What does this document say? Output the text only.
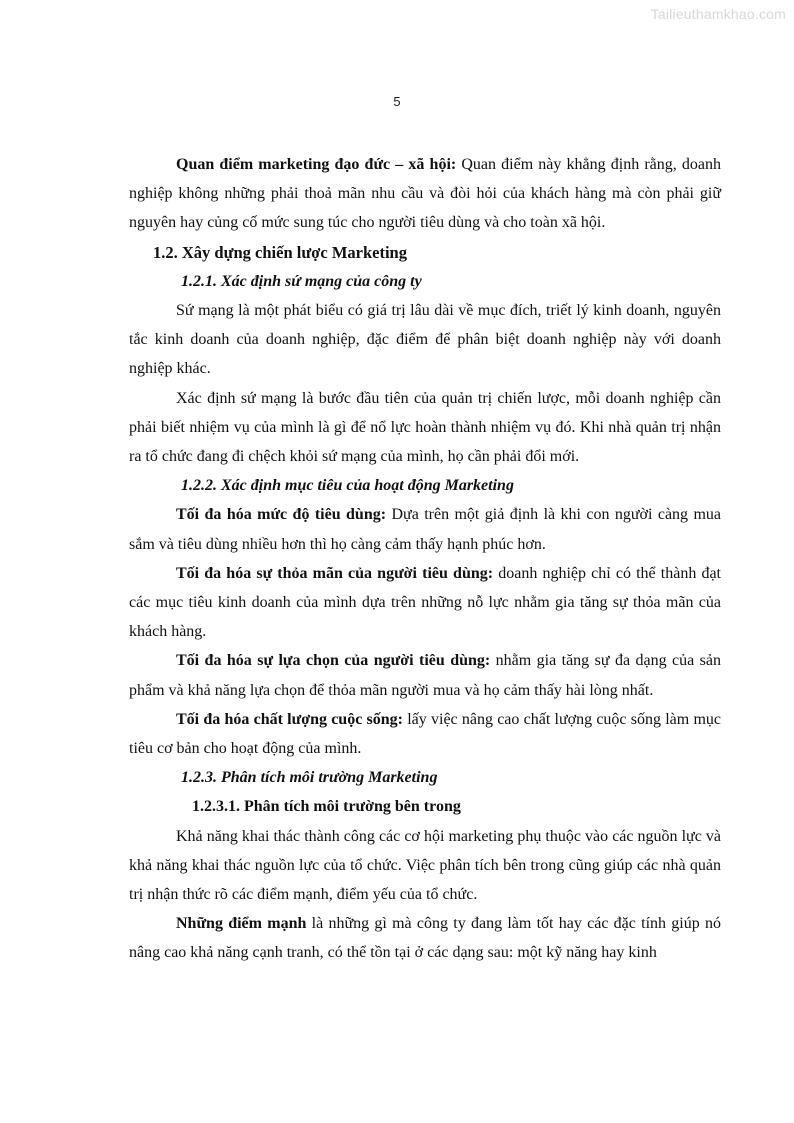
Tailieuthamkhao.com
5

Quan điểm marketing đạo đức – xã hội: Quan điểm này khẳng định rằng, doanh nghiệp không những phải thoả mãn nhu cầu và đòi hỏi của khách hàng mà còn phải giữ nguyên hay củng cố mức sung túc cho người tiêu dùng và cho toàn xã hội.

1.2. Xây dựng chiến lược Marketing

1.2.1. Xác định sứ mạng của công ty

Sứ mạng là một phát biểu có giá trị lâu dài về mục đích, triết lý kinh doanh, nguyên tắc kinh doanh của doanh nghiệp, đặc điểm để phân biệt doanh nghiệp này với doanh nghiệp khác.

Xác định sứ mạng là bước đầu tiên của quản trị chiến lược, mỗi doanh nghiệp cần phải biết nhiệm vụ của mình là gì để nổ lực hoàn thành nhiệm vụ đó. Khi nhà quản trị nhận ra tổ chức đang đi chệch khỏi sứ mạng của mình, họ cần phải đổi mới.

1.2.2. Xác định mục tiêu của hoạt động Marketing

Tối đa hóa mức độ tiêu dùng: Dựa trên một giả định là khi con người càng mua sắm và tiêu dùng nhiều hơn thì họ càng cảm thấy hạnh phúc hơn.

Tối đa hóa sự thỏa mãn của người tiêu dùng: doanh nghiệp chỉ có thể thành đạt các mục tiêu kinh doanh của mình dựa trên những nỗ lực nhằm gia tăng sự thỏa mãn của khách hàng.

Tối đa hóa sự lựa chọn của người tiêu dùng: nhằm gia tăng sự đa dạng của sản phẩm và khả năng lựa chọn để thỏa mãn người mua và họ cảm thấy hài lòng nhất.

Tối đa hóa chất lượng cuộc sống: lấy việc nâng cao chất lượng cuộc sống làm mục tiêu cơ bản cho hoạt động của mình.

1.2.3. Phân tích môi trường Marketing

1.2.3.1. Phân tích môi trường bên trong

Khả năng khai thác thành công các cơ hội marketing phụ thuộc vào các nguồn lực và khả năng khai thác nguồn lực của tổ chức. Việc phân tích bên trong cũng giúp các nhà quản trị nhận thức rõ các điểm mạnh, điểm yếu của tổ chức.

Những điểm mạnh là những gì mà công ty đang làm tốt hay các đặc tính giúp nó nâng cao khả năng cạnh tranh, có thể tồn tại ở các dạng sau: một kỹ năng hay kinh
